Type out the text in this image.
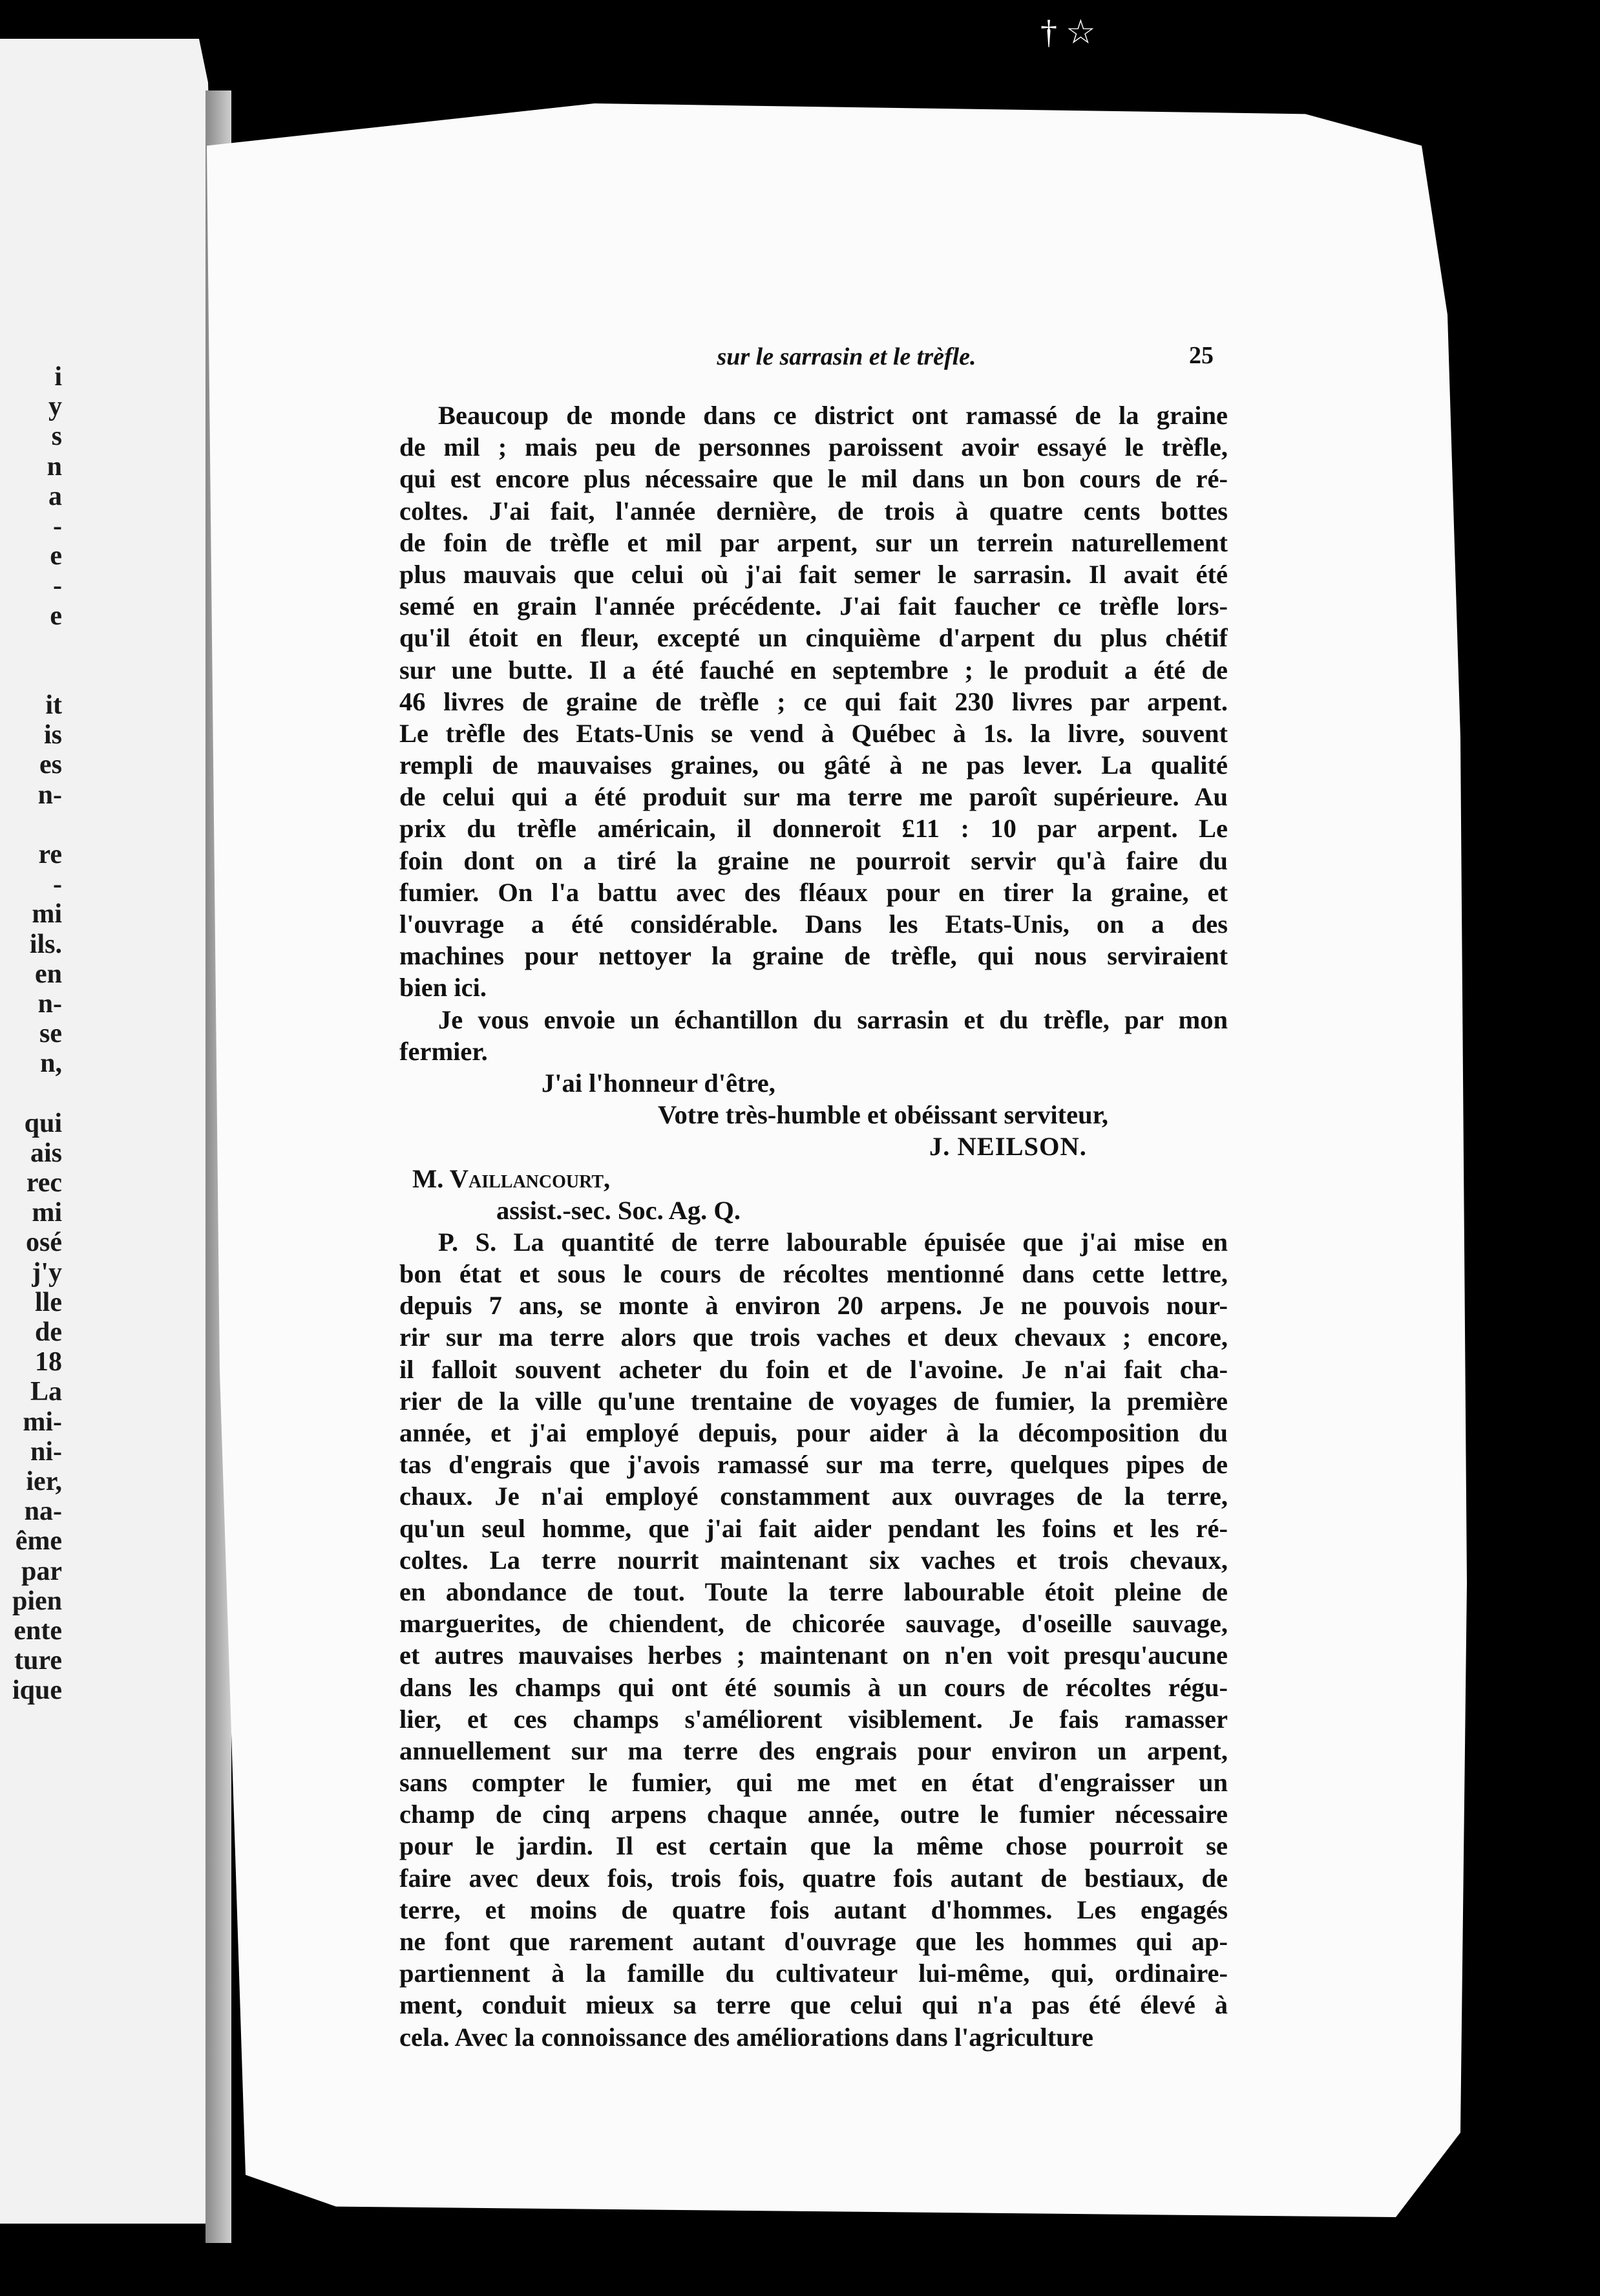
i
y
s
n
a
-
e
-
e
it
is
es
n-
re
-
mi
ils.
en
n-
se
n,
qui
ais
rec
mi
osé
j'y
lle
de
18
La
mi-
ni-
ier,
na-
ême
par
pien
ente
ture
ique
† ☆
sur le sarrasin et le trèfle.	25
Beaucoup de monde dans ce district ont ramassé de la graine
de mil ; mais peu de personnes paroissent avoir essayé le trèfle,
qui est encore plus nécessaire que le mil dans un bon cours de ré-
coltes. J'ai fait, l'année dernière, de trois à quatre cents bottes
de foin de trèfle et mil par arpent, sur un terrein naturellement
plus mauvais que celui où j'ai fait semer le sarrasin. Il avait été
semé en grain l'année précédente. J'ai fait faucher ce trèfle lors-
qu'il étoit en fleur, excepté un cinquième d'arpent du plus chétif
sur une butte. Il a été fauché en septembre ; le produit a été de
46 livres de graine de trèfle ; ce qui fait 230 livres par arpent.
Le trèfle des Etats-Unis se vend à Québec à 1s. la livre, souvent
rempli de mauvaises graines, ou gâté à ne pas lever. La qualité
de celui qui a été produit sur ma terre me paroît supérieure. Au
prix du trèfle américain, il donneroit £11 : 10 par arpent. Le
foin dont on a tiré la graine ne pourroit servir qu'à faire du
fumier. On l'a battu avec des fléaux pour en tirer la graine, et
l'ouvrage a été considérable. Dans les Etats-Unis, on a des
machines pour nettoyer la graine de trèfle, qui nous serviraient
bien ici.
Je vous envoie un échantillon du sarrasin et du trèfle, par mon
fermier.
J'ai l'honneur d'être,
Votre très-humble et obéissant serviteur,
J. NEILSON.
M. Vaillancourt,
assist.-sec. Soc. Ag. Q.
P. S. La quantité de terre labourable épuisée que j'ai mise en
bon état et sous le cours de récoltes mentionné dans cette lettre,
depuis 7 ans, se monte à environ 20 arpens. Je ne pouvois nour-
rir sur ma terre alors que trois vaches et deux chevaux ; encore,
il falloit souvent acheter du foin et de l'avoine. Je n'ai fait cha-
rier de la ville qu'une trentaine de voyages de fumier, la première
année, et j'ai employé depuis, pour aider à la décomposition du
tas d'engrais que j'avois ramassé sur ma terre, quelques pipes de
chaux. Je n'ai employé constamment aux ouvrages de la terre,
qu'un seul homme, que j'ai fait aider pendant les foins et les ré-
coltes. La terre nourrit maintenant six vaches et trois chevaux,
en abondance de tout. Toute la terre labourable étoit pleine de
marguerites, de chiendent, de chicorée sauvage, d'oseille sauvage,
et autres mauvaises herbes ; maintenant on n'en voit presqu'aucune
dans les champs qui ont été soumis à un cours de récoltes régu-
lier, et ces champs s'améliorent visiblement. Je fais ramasser
annuellement sur ma terre des engrais pour environ un arpent,
sans compter le fumier, qui me met en état d'engraisser un
champ de cinq arpens chaque année, outre le fumier nécessaire
pour le jardin. Il est certain que la même chose pourroit se
faire avec deux fois, trois fois, quatre fois autant de bestiaux, de
terre, et moins de quatre fois autant d'hommes. Les engagés
ne font que rarement autant d'ouvrage que les hommes qui ap-
partiennent à la famille du cultivateur lui-même, qui, ordinaire-
ment, conduit mieux sa terre que celui qui n'a pas été élevé à
cela. Avec la connoissance des améliorations dans l'agriculture
